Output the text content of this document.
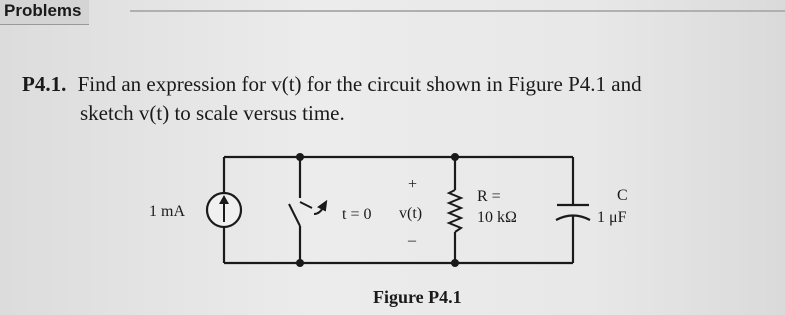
Problems
P4.1. Find an expression for v(t) for the circuit shown in Figure P4.1 and
sketch v(t) to scale versus time.
1 mA	t = 0 v(t)
+
–
R =
10 kΩ
C
1 μF
Figure P4.1
